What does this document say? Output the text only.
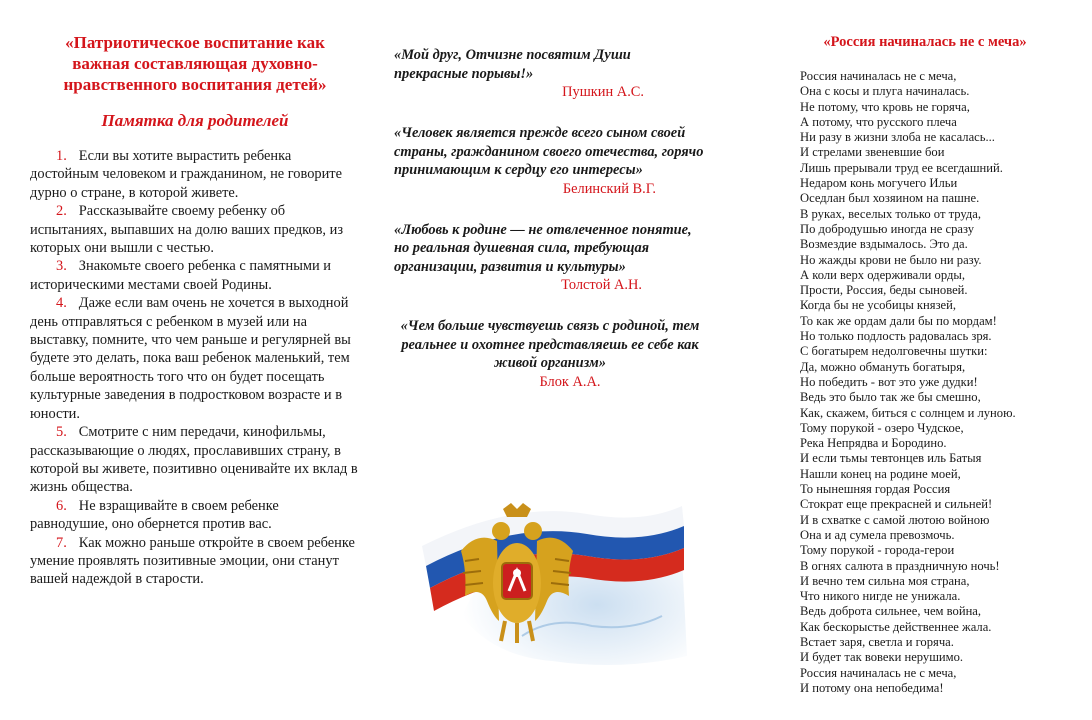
«Патриотическое воспитание как важная составляющая духовно-нравственного воспитания детей»
Памятка для родителей
1. Если вы хотите вырастить ребенка достойным человеком и гражданином, не говорите дурно о стране, в которой живете.
2. Рассказывайте своему ребенку об испытаниях, выпавших на долю ваших предков, из которых они вышли с честью.
3. Знакомьте своего ребенка с памятными и историческими местами своей Родины.
4. Даже если вам очень не хочется в выходной день отправляться с ребенком в музей или на выставку, помните, что чем раньше и регулярней вы будете это делать, пока ваш ребенок маленький, тем больше вероятность того что он будет посещать культурные заведения в подростковом возрасте и в юности.
5. Смотрите с ним передачи, кинофильмы, рассказывающие о людях, прославивших страну, в которой вы живете, позитивно оценивайте их вклад в жизнь общества.
6. Не взращивайте в своем ребенке равнодушие, оно обернется против вас.
7. Как можно раньше откройте в своем ребенке умение проявлять позитивные эмоции, они станут вашей надеждой в старости.

«Мой друг, Отчизне посвятим Души прекрасные порывы!»

Пушкин А.С.

«Человек является прежде всего сыном своей страны, гражданином своего отечества, горячо принимающим к сердцу его интересы»

Белинский В.Г.

«Любовь к родине — не отвлеченное понятие, но реальная душевная сила, требующая организации, развития и культуры»

Толстой А.Н.

«Чем больше чувствуешь связь с родиной, тем реальнее и охотнее представляешь ее себе как живой организм»

Блок А.А.

«Россия начиналась не с меча»
Россия начиналась не с меча,
Она с косы и плуга начиналась.
Не потому, что кровь не горяча,
А потому, что русского плеча
Ни разу в жизни злоба не касалась...
И стрелами звеневшие бои
Лишь прерывали труд ее всегдашний.
Недаром конь могучего Ильи
Оседлан был хозяином на пашне.
В руках, веселых только от труда,
По добродушью иногда не сразу
Возмездие вздымалось. Это да.
Но жажды крови не было ни разу.
А коли верх одерживали орды,
Прости, Россия, беды сыновей.
Когда бы не усобицы князей,
То как же ордам дали бы по мордам!
Но только подлость радовалась зря.
С богатырем недолговечны шутки:
Да, можно обмануть богатыря,
Но победить - вот это уже дудки!
Ведь это было так же бы смешно,
Как, скажем, биться с солнцем и луною.
Тому порукой - озеро Чудское,
Река Непрядва и Бородино.
И если тьмы тевтонцев иль Батыя
Нашли конец на родине моей,
То нынешняя гордая Россия
Стократ еще прекрасней и сильней!
И в схватке с самой лютою войною
Она и ад сумела превозмочь.
Тому порукой - города-герои
В огнях салюта в праздничную ночь!
И вечно тем сильна моя страна,
Что никого нигде не унижала.
Ведь доброта сильнее, чем война,
Как бескорыстье действеннее жала.
Встает заря, светла и горяча.
И будет так вовеки нерушимо.
Россия начиналась не с меча,
И потому она непобедима!
